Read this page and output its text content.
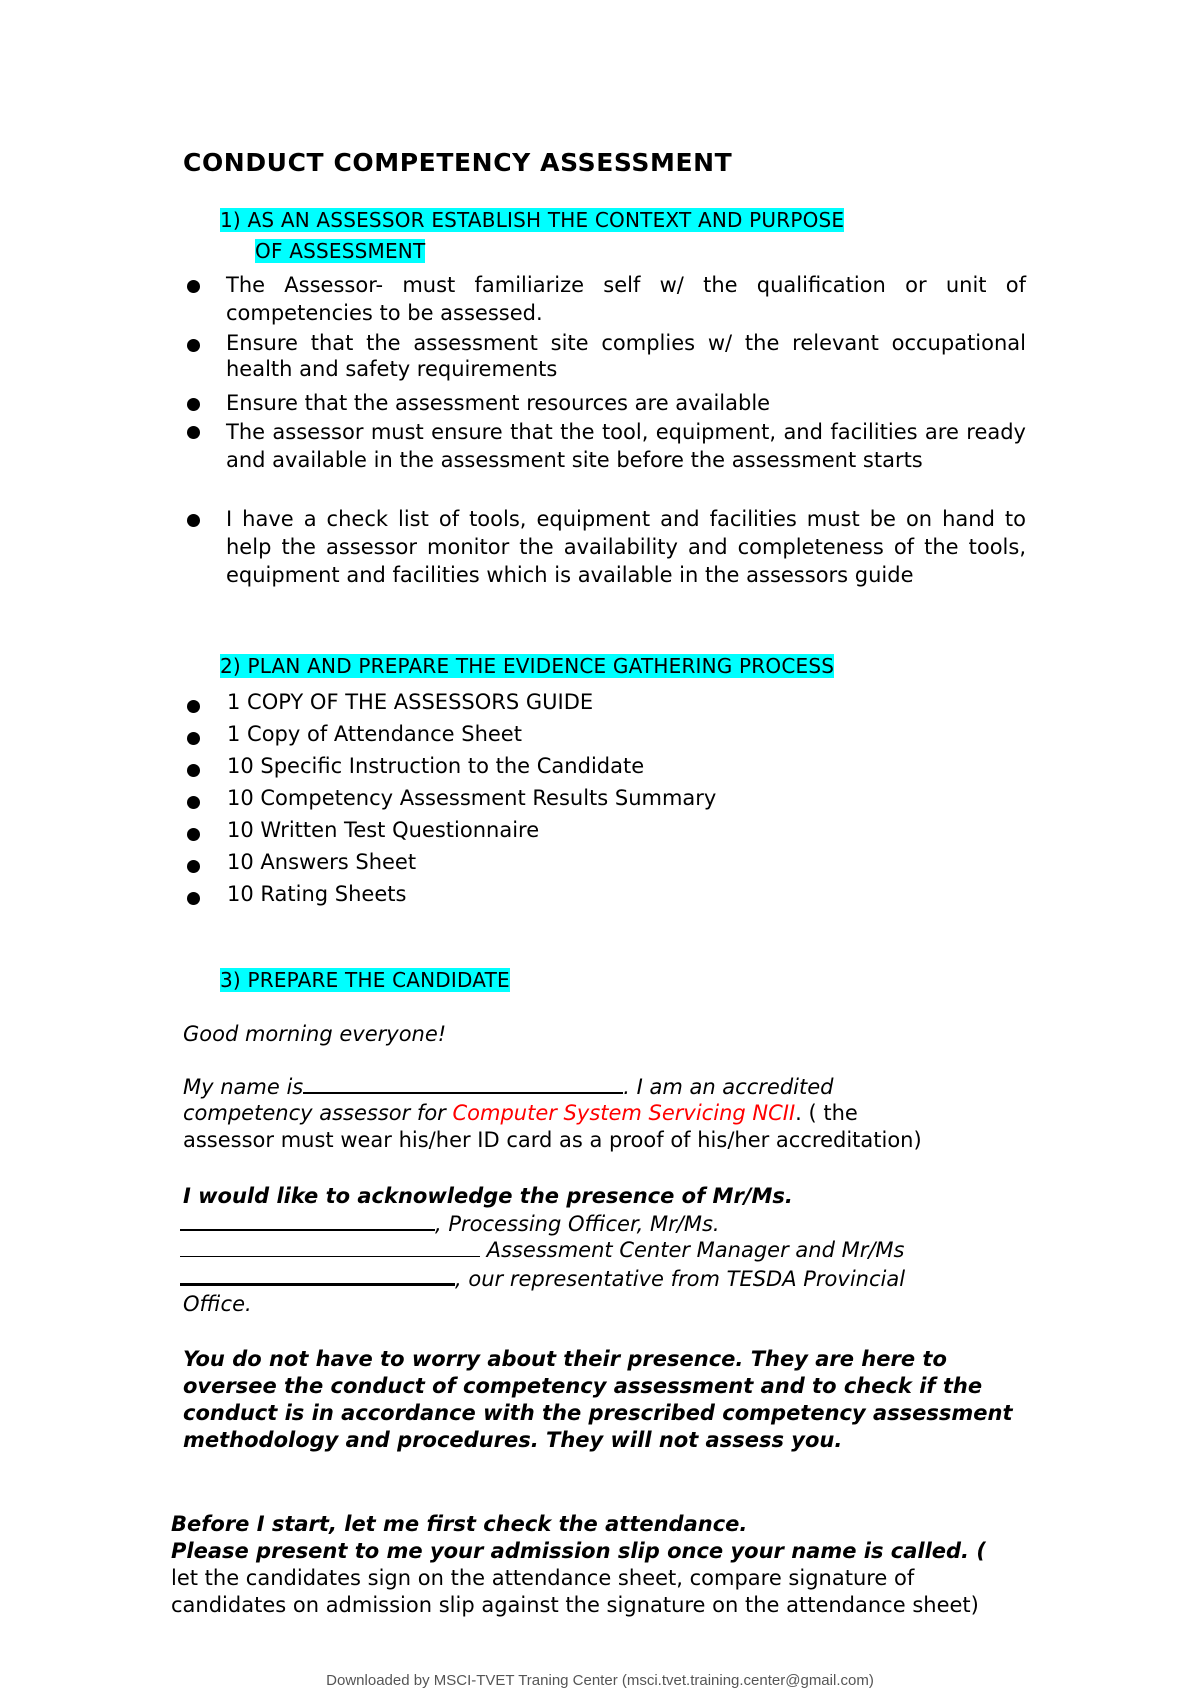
CONDUCT COMPETENCY ASSESSMENT
1) AS AN ASSESSOR ESTABLISH THE CONTEXT AND PURPOSE
OF ASSESSMENT
The Assessor- must familiarize self w/ the qualification or unit of competencies to be assessed.
Ensure that the assessment site complies w/ the relevant occupational health and safety requirements
Ensure that the assessment resources are available
The assessor must ensure that the tool, equipment, and facilities are ready and available in the assessment site before the assessment starts
I have a check list of tools, equipment and facilities must be on hand to help the assessor monitor the availability and completeness of the tools, equipment and facilities which is available in the assessors guide
2) PLAN AND PREPARE THE EVIDENCE GATHERING PROCESS
1 COPY OF THE ASSESSORS GUIDE
1 Copy of Attendance Sheet
10 Specific Instruction to the Candidate
10 Competency Assessment Results Summary
10 Written Test Questionnaire
10 Answers Sheet
10 Rating Sheets
3) PREPARE THE CANDIDATE
Good morning everyone!
My name is	. I am an accredited
competency assessor for Computer System Servicing NCII. ( the
assessor must wear his/her ID card as a proof of his/her accreditation)
I would like to acknowledge the presence of Mr/Ms.
, Processing Officer, Mr/Ms.
Assessment Center Manager and Mr/Ms
, our representative from TESDA Provincial
Office.
You do not have to worry about their presence. They are here to oversee the conduct of competency assessment and to check if the conduct is in accordance with the prescribed competency assessment methodology and procedures. They will not assess you.
Before I start, let me first check the attendance.
Please present to me your admission slip once your name is called. (
let the candidates sign on the attendance sheet, compare signature of
candidates on admission slip against the signature on the attendance sheet)
Downloaded by MSCI-TVET Traning Center (msci.tvet.training.center@gmail.com)
